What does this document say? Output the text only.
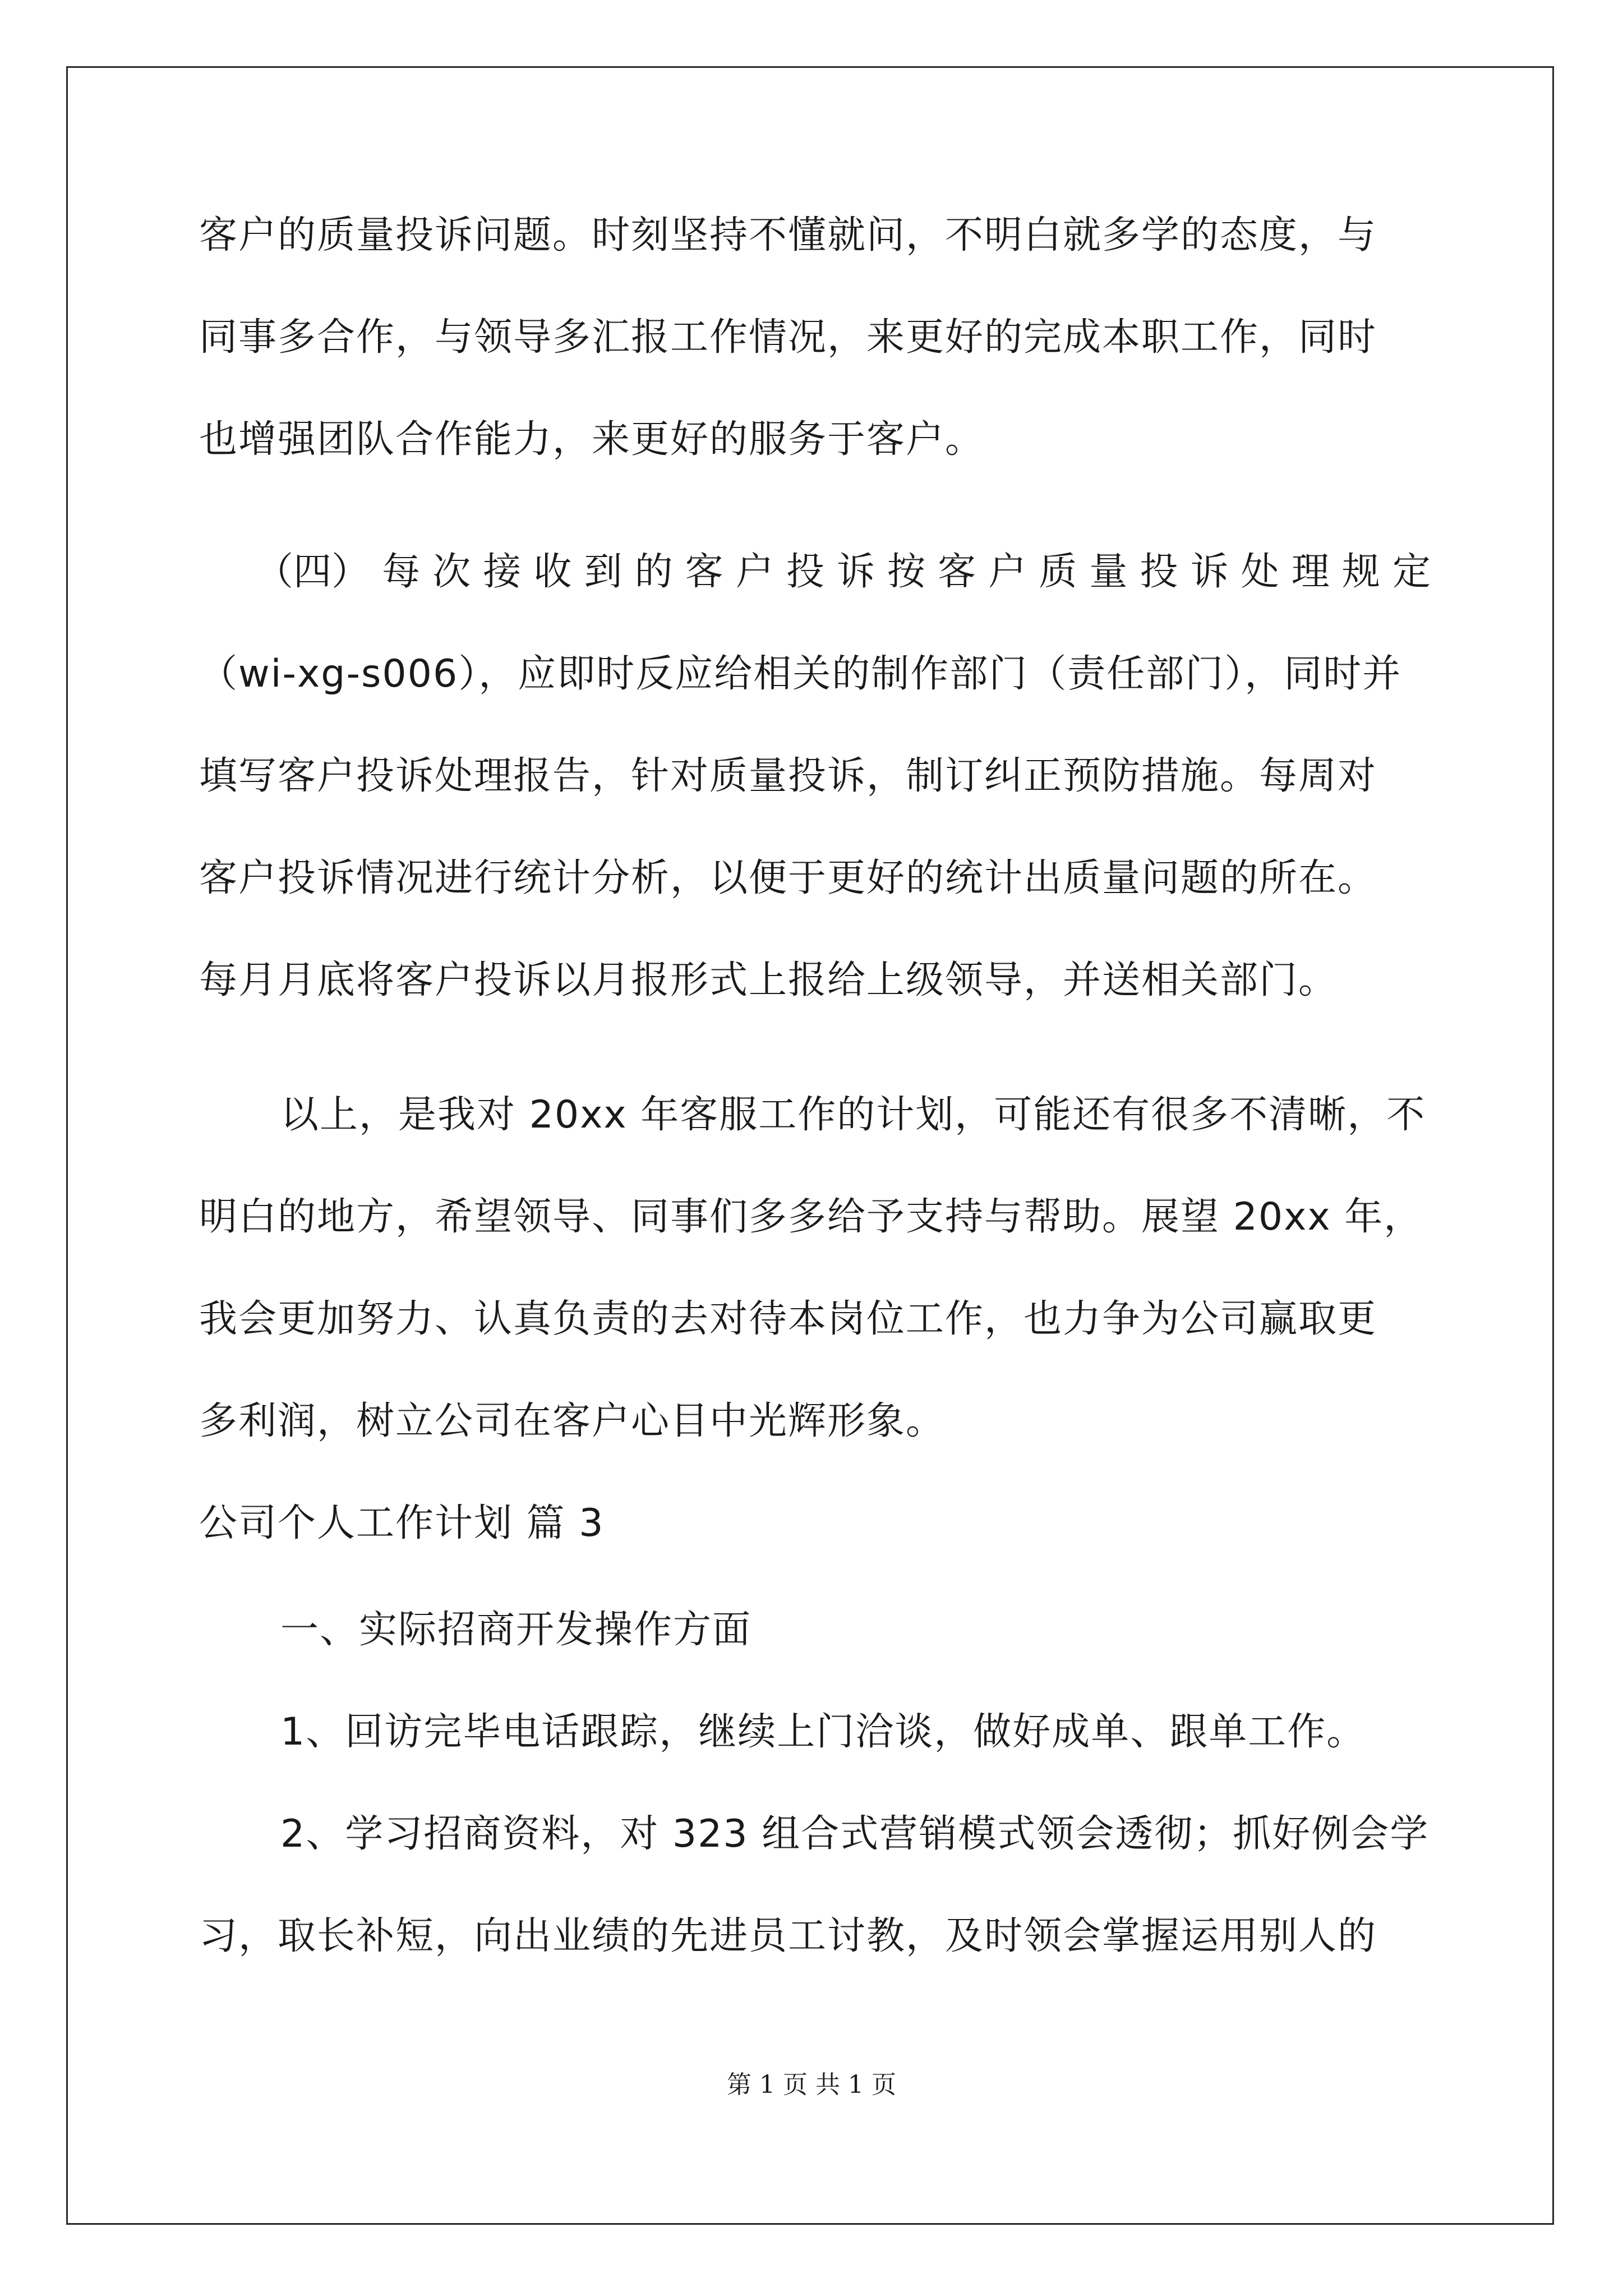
客户的质量投诉问题。时刻坚持不懂就问，不明白就多学的态度，与
同事多合作，与领导多汇报工作情况，来更好的完成本职工作，同时
也增强团队合作能力，来更好的服务于客户。
（四） 每 次 接 收 到 的 客 户 投 诉 按 客 户 质 量 投 诉 处 理 规 定
（wi-xg-s006），应即时反应给相关的制作部门（责任部门），同时并
填写客户投诉处理报告，针对质量投诉，制订纠正预防措施。每周对
客户投诉情况进行统计分析，以便于更好的统计出质量问题的所在。
每月月底将客户投诉以月报形式上报给上级领导，并送相关部门。
以上，是我对 20xx 年客服工作的计划，可能还有很多不清晰，不
明白的地方，希望领导、同事们多多给予支持与帮助。展望 20xx 年，
我会更加努力、认真负责的去对待本岗位工作，也力争为公司赢取更
多利润，树立公司在客户心目中光辉形象。
公司个人工作计划 篇 3
一、实际招商开发操作方面
1、回访完毕电话跟踪，继续上门洽谈，做好成单、跟单工作。
2、学习招商资料，对 323 组合式营销模式领会透彻；抓好例会学
习，取长补短，向出业绩的先进员工讨教，及时领会掌握运用别人的
第 1 页 共 1 页
